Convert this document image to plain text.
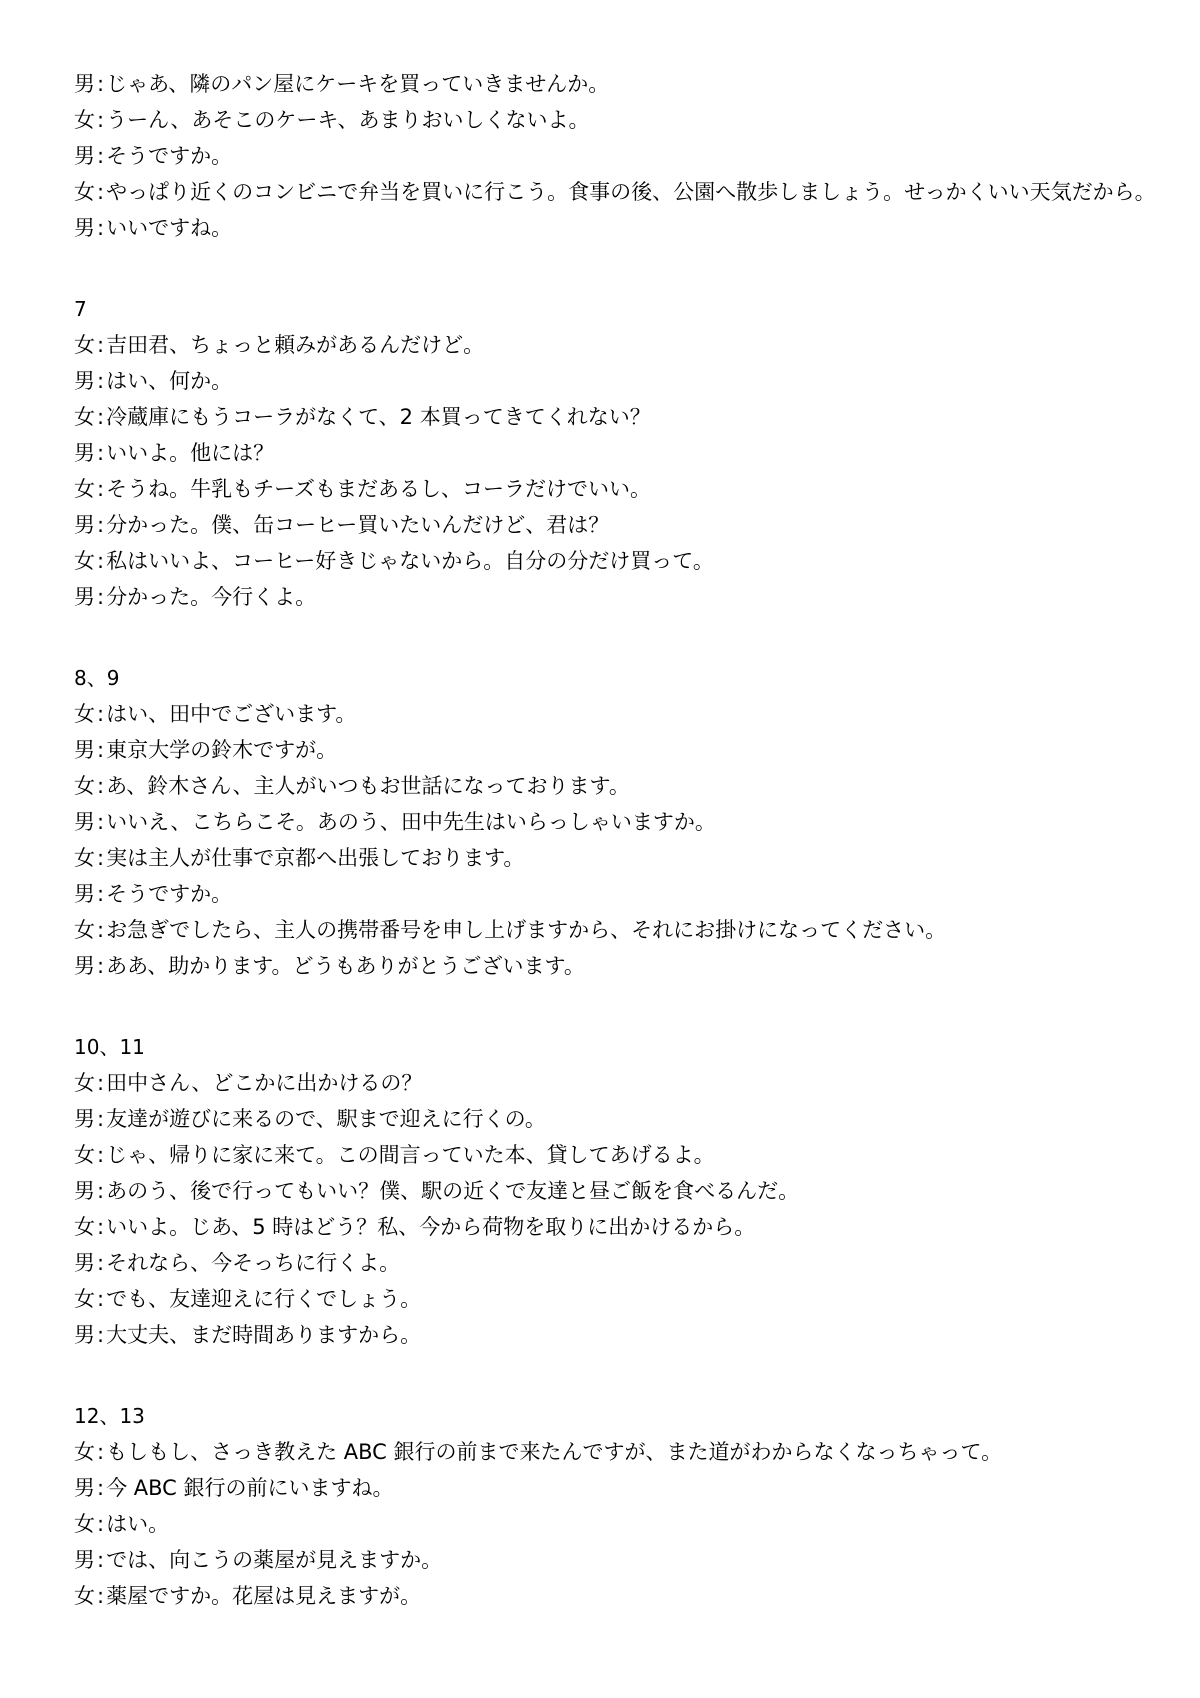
男:じゃあ、隣のパン屋にケーキを買っていきませんか。
女:うーん、あそこのケーキ、あまりおいしくないよ。
男:そうですか。
女:やっぱり近くのコンビニで弁当を買いに行こう。食事の後、公園へ散歩しましょう。せっかくいい天気だから。
男:いいですね。
7
女:吉田君、ちょっと頼みがあるんだけど。
男:はい、何か。
女:冷蔵庫にもうコーラがなくて、2 本買ってきてくれない？
男:いいよ。他には？
女:そうね。牛乳もチーズもまだあるし、コーラだけでいい。
男:分かった。僕、缶コーヒー買いたいんだけど、君は？
女:私はいいよ、コーヒー好きじゃないから。自分の分だけ買って。
男:分かった。今行くよ。
8、9
女:はい、田中でございます。
男:東京大学の鈴木ですが。
女:あ、鈴木さん、主人がいつもお世話になっております。
男:いいえ、こちらこそ。あのう、田中先生はいらっしゃいますか。
女:実は主人が仕事で京都へ出張しております。
男:そうですか。
女:お急ぎでしたら、主人の携帯番号を申し上げますから、それにお掛けになってください。
男:ああ、助かります。どうもありがとうございます。
10、11
女:田中さん、どこかに出かけるの？
男:友達が遊びに来るので、駅まで迎えに行くの。
女:じゃ、帰りに家に来て。この間言っていた本、貸してあげるよ。
男:あのう、後で行ってもいい？僕、駅の近くで友達と昼ご飯を食べるんだ。
女:いいよ。じあ、5 時はどう？私、今から荷物を取りに出かけるから。
男:それなら、今そっちに行くよ。
女:でも、友達迎えに行くでしょう。
男:大丈夫、まだ時間ありますから。
12、13
女:もしもし、さっき教えた ABC 銀行の前まで来たんですが、また道がわからなくなっちゃって。
男:今 ABC 銀行の前にいますね。
女:はい。
男:では、向こうの薬屋が見えますか。
女:薬屋ですか。花屋は見えますが。
